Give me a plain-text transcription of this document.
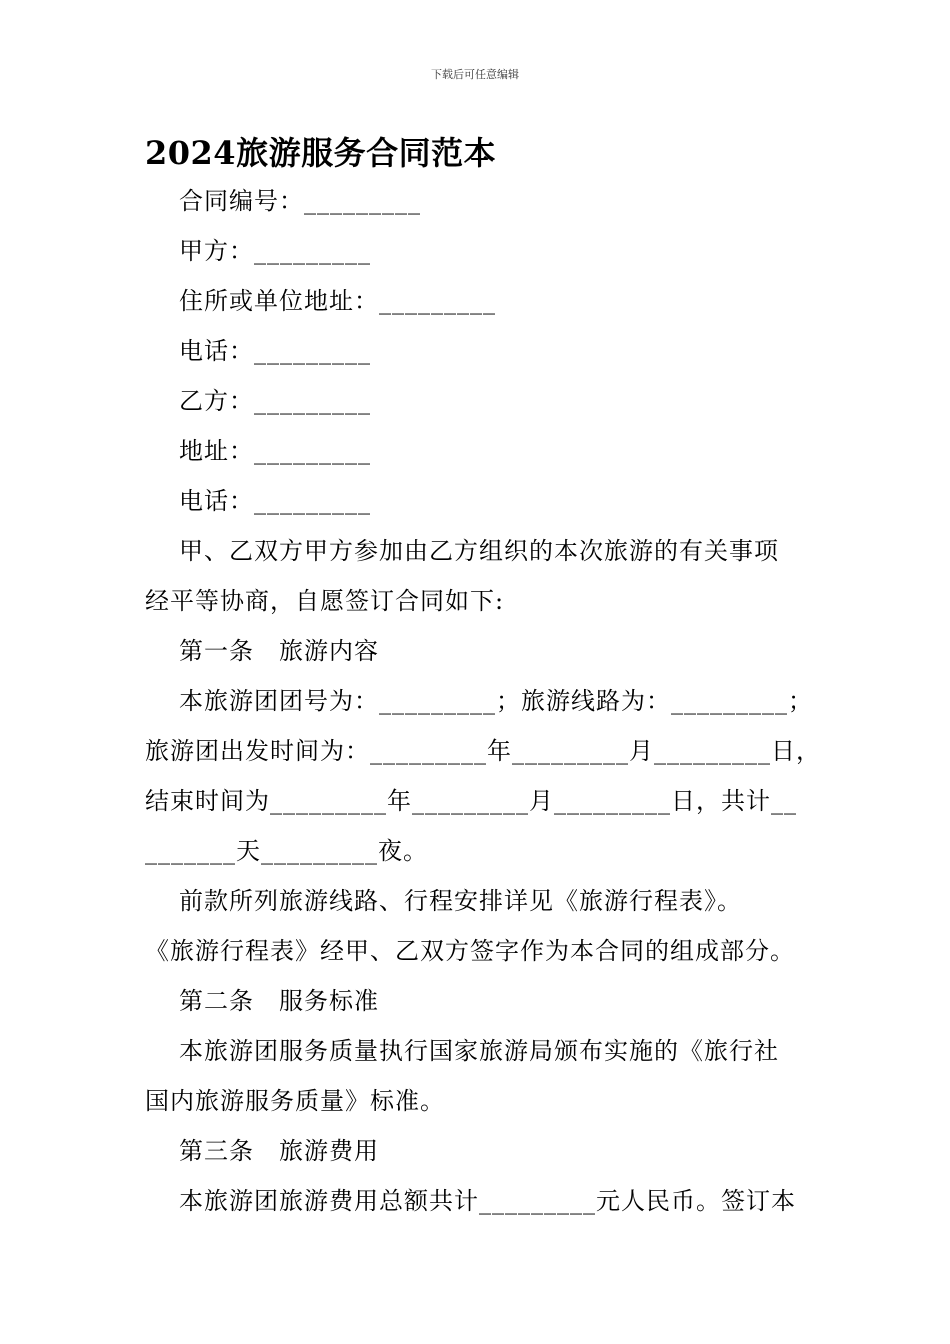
下载后可任意编辑
2024旅游服务合同范本
合同编号：_________
甲方：_________
住所或单位地址：_________
电话：_________
乙方：_________
地址：_________
电话：_________
甲、乙双方甲方参加由乙方组织的本次旅游的有关事项
经平等协商，自愿签订合同如下:
第一条　旅游内容
本旅游团团号为：_________；旅游线路为：_________；
旅游团出发时间为：_________年_________月_________日，
结束时间为_________年_________月_________日，共计__
_______天_________夜。
前款所列旅游线路、行程安排详见《旅游行程表》。
《旅游行程表》经甲、乙双方签字作为本合同的组成部分。
第二条　服务标准
本旅游团服务质量执行国家旅游局颁布实施的《旅行社
国内旅游服务质量》标准。
第三条　旅游费用
本旅游团旅游费用总额共计_________元人民币。签订本
